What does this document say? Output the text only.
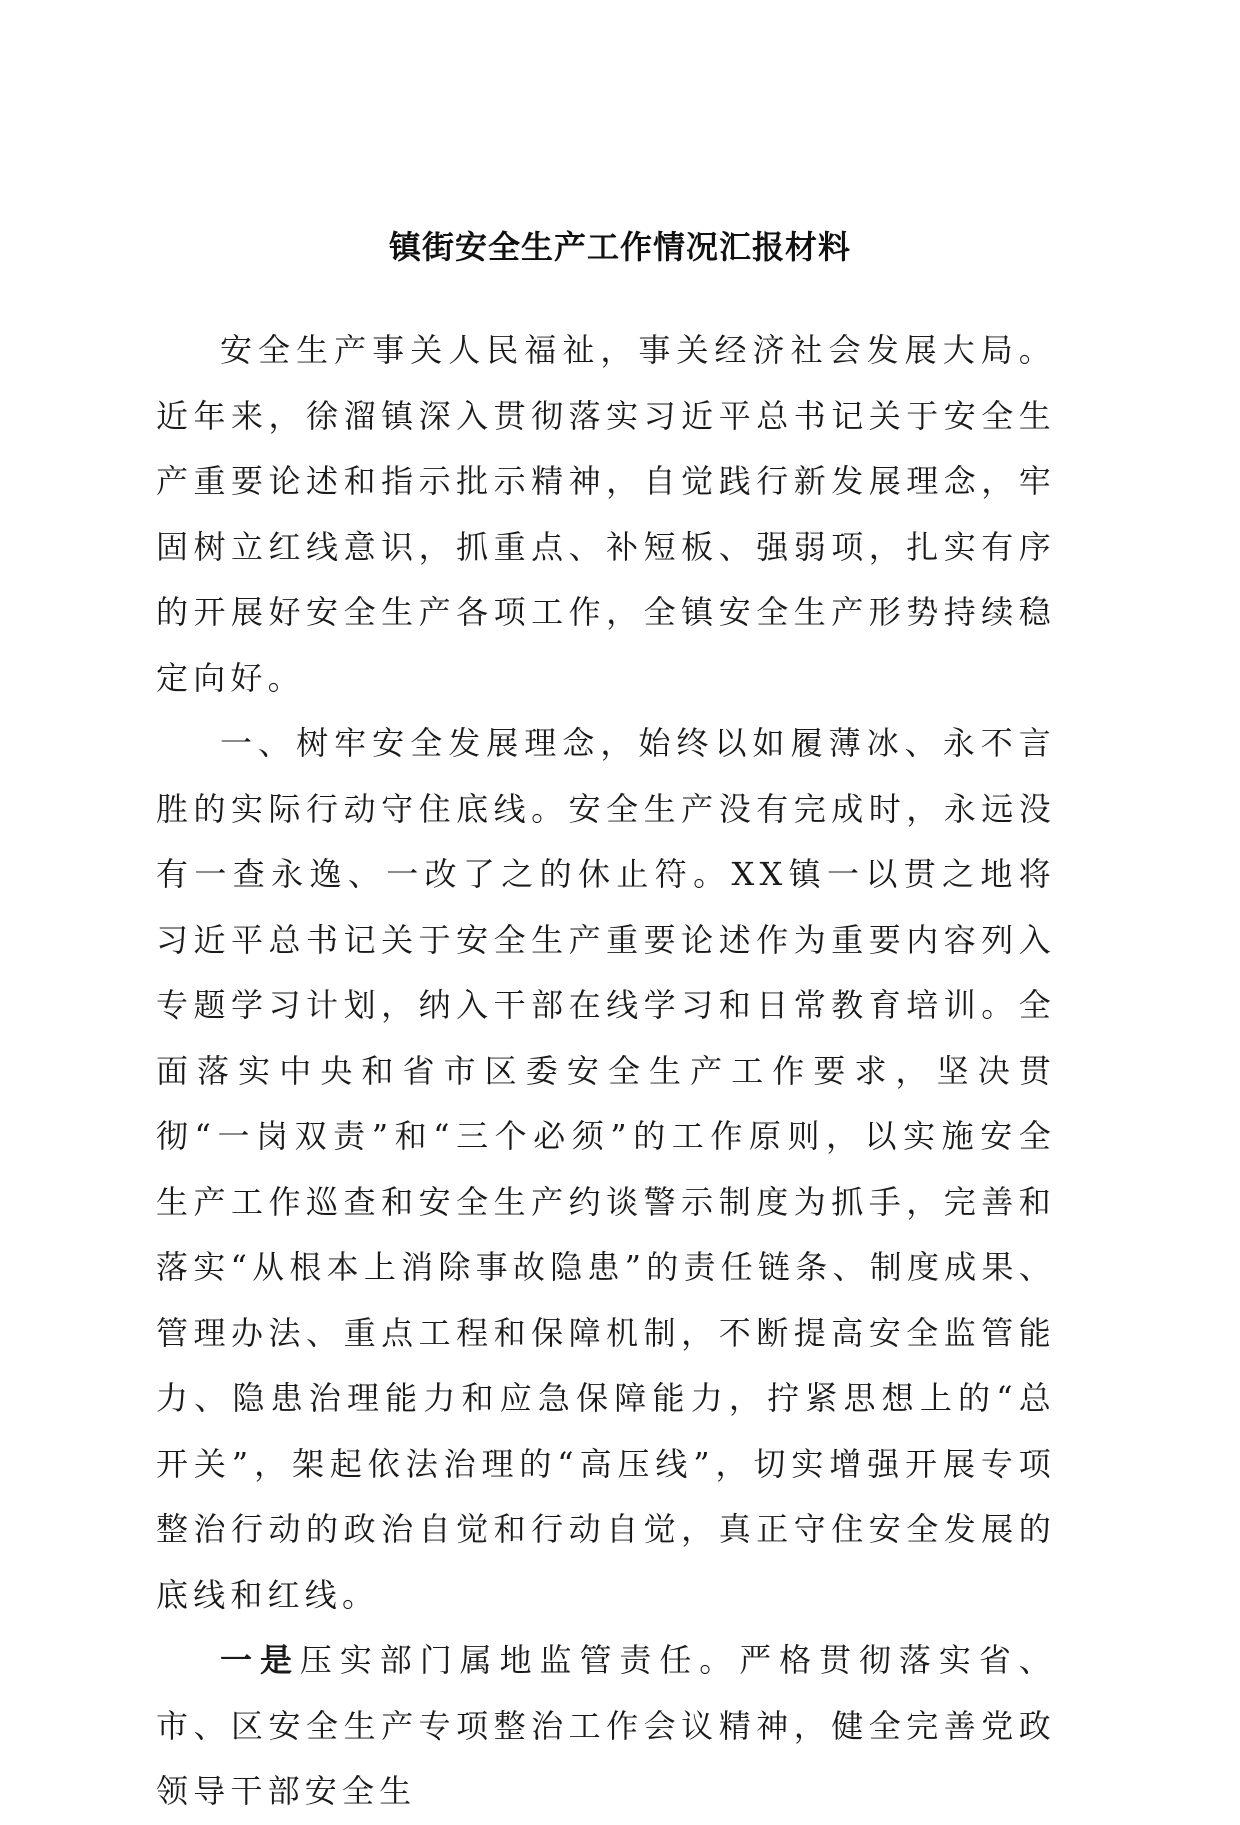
镇街安全生产工作情况汇报材料

安全生产事关人民福祉，事关经济社会发展大局。近年来，徐溜镇深入贯彻落实习近平总书记关于安全生产重要论述和指示批示精神，自觉践行新发展理念，牢固树立红线意识，抓重点、补短板、强弱项，扎实有序的开展好安全生产各项工作，全镇安全生产形势持续稳定向好。

一、树牢安全发展理念，始终以如履薄冰、永不言胜的实际行动守住底线。安全生产没有完成时，永远没有一查永逸、一改了之的休止符。XX镇一以贯之地将习近平总书记关于安全生产重要论述作为重要内容列入专题学习计划，纳入干部在线学习和日常教育培训。全面落实中央和省市区委安全生产工作要求，坚决贯彻“一岗双责”和“三个必须”的工作原则，以实施安全生产工作巡查和安全生产约谈警示制度为抓手，完善和落实“从根本上消除事故隐患”的责任链条、制度成果、管理办法、重点工程和保障机制，不断提高安全监管能力、隐患治理能力和应急保障能力，拧紧思想上的“总开关”，架起依法治理的“高压线”，切实增强开展专项整治行动的政治自觉和行动自觉，真正守住安全发展的底线和红线。

一是压实部门属地监管责任。严格贯彻落实省、市、区安全生产专项整治工作会议精神，健全完善党政领导干部安全生
